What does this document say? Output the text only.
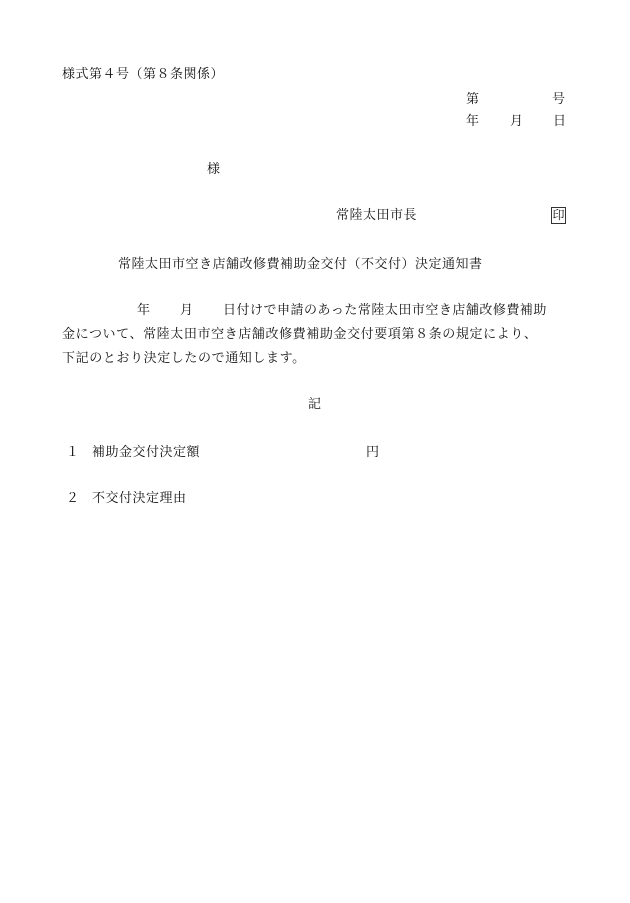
様式第４号（第８条関係）
第	号
年 月 日
様
常陸太田市長	印
常陸太田市空き店舗改修費補助金交付（不交付）決定通知書
年 月 日付けで申請のあった常陸太田市空き店舗改修費補助
金について、常陸太田市空き店舗改修費補助金交付要項第８条の規定により、
下記のとおり決定したので通知します。
記
１ 補助金交付決定額	円
２ 不交付決定理由
